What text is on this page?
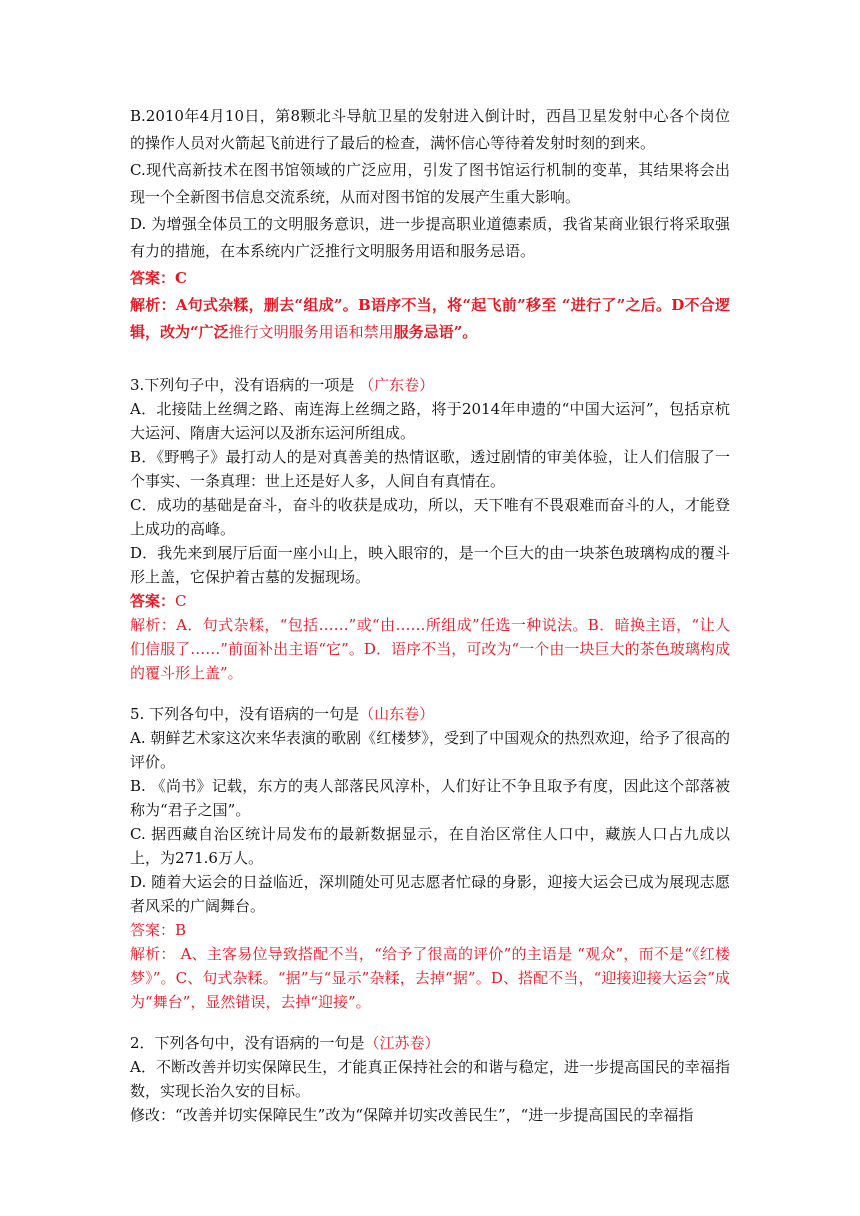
B.2010年4月10日，第8颗北斗导航卫星的发射进入倒计时，西昌卫星发射中心各个岗位的操作人员对火箭起飞前进行了最后的检查，满怀信心等待着发射时刻的到来。

C.现代高新技术在图书馆领域的广泛应用，引发了图书馆运行机制的变革，其结果将会出现一个全新图书信息交流系统，从而对图书馆的发展产生重大影响。

D. 为增强全体员工的文明服务意识，进一步提高职业道德素质，我省某商业银行将采取强有力的措施，在本系统内广泛推行文明服务用语和服务忌语。

答案：C

解析：A句式杂糅，删去“组成”。B语序不当，将“起飞前”移至 “进行了”之后。D不合逻辑，改为“广泛推行文明服务用语和禁用服务忌语”。

3.下列句子中，没有语病的一项是 （广东卷）

A．北接陆上丝绸之路、南连海上丝绸之路，将于2014年申遗的“中国大运河”，包括京杭大运河、隋唐大运河以及浙东运河所组成。

B．《野鸭子》最打动人的是对真善美的热情讴歌，透过剧情的审美体验，让人们信服了一个事实、一条真理：世上还是好人多，人间自有真情在。

C．成功的基础是奋斗，奋斗的收获是成功，所以，天下唯有不畏艰难而奋斗的人，才能登上成功的高峰。

D．我先来到展厅后面一座小山上，映入眼帘的，是一个巨大的由一块茶色玻璃构成的覆斗形上盖，它保护着古墓的发掘现场。

答案：C

解析：A．句式杂糅，“包括……”或“由……所组成”任选一种说法。B．暗换主语，“让人们信服了……”前面补出主语“它”。D．语序不当，可改为“一个由一块巨大的茶色玻璃构成的覆斗形上盖”。

5. 下列各句中，没有语病的一句是（山东卷）

A. 朝鲜艺术家这次来华表演的歌剧《红楼梦》，受到了中国观众的热烈欢迎，给予了很高的评价。

B. 《尚书》记载，东方的夷人部落民风淳朴，人们好让不争且取予有度，因此这个部落被称为“君子之国”。

C. 据西藏自治区统计局发布的最新数据显示，在自治区常住人口中，藏族人口占九成以上，为271.6万人。

D. 随着大运会的日益临近，深圳随处可见志愿者忙碌的身影，迎接大运会已成为展现志愿者风采的广阔舞台。

答案：B

解析： A、主客易位导致搭配不当，“给予了很高的评价”的主语是 “观众”，而不是“《红楼梦》”。C、句式杂糅。“据”与“显示”杂糅，去掉“据”。D、搭配不当，“迎接迎接大运会”成为“舞台”，显然错误，去掉“迎接”。

2．下列各句中，没有语病的一句是（江苏卷）

A．不断改善并切实保障民生，才能真正保持社会的和谐与稳定，进一步提高国民的幸福指数，实现长治久安的目标。

修改：“改善并切实保障民生”改为“保障并切实改善民生”，“进一步提高国民的幸福指
